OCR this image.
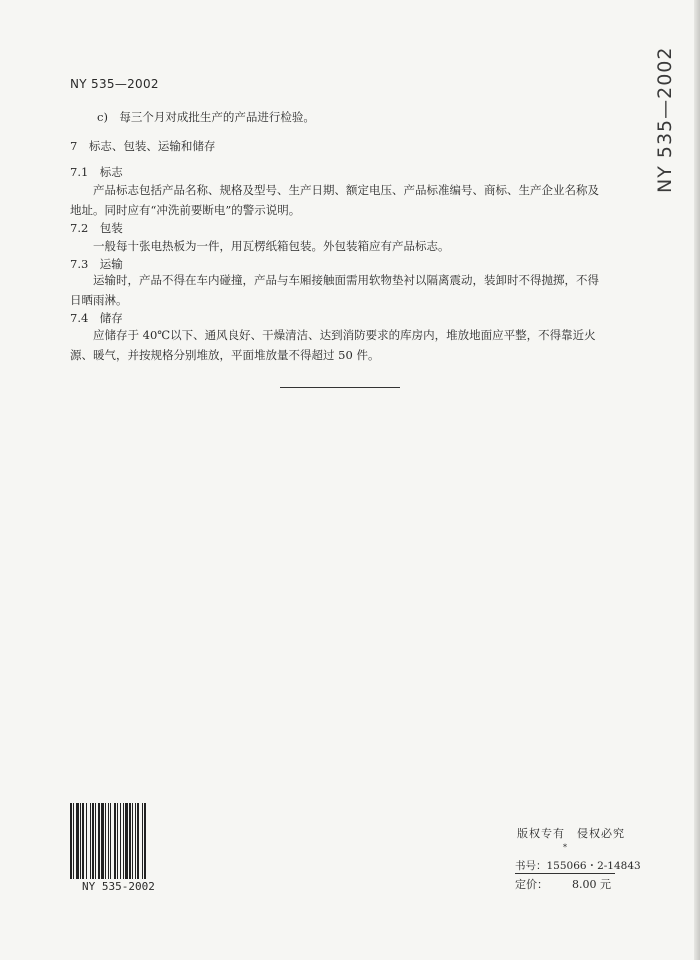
NY 535—2002	NY 535—2002
c)　每三个月对成批生产的产品进行检验。
7　标志、包装、运输和储存
7.1　标志
产品标志包括产品名称、规格及型号、生产日期、额定电压、产品标准编号、商标、生产企业名称及地址。同时应有“冲洗前要断电”的警示说明。
7.2　包装
一般每十张电热板为一件，用瓦楞纸箱包装。外包装箱应有产品标志。
7.3　运输
运输时，产品不得在车内碰撞，产品与车厢接触面需用软物垫衬以隔离震动，装卸时不得抛掷，不得日晒雨淋。
7.4　储存
应储存于 40℃以下、通风良好、干燥清洁、达到消防要求的库房内，堆放地面应平整，不得靠近火源、暖气，并按规格分别堆放，平面堆放量不得超过 50 件。
NY 535-2002
版权专有　侵权必究
*
书号：155066・2-14843
定价： 8.00 元
